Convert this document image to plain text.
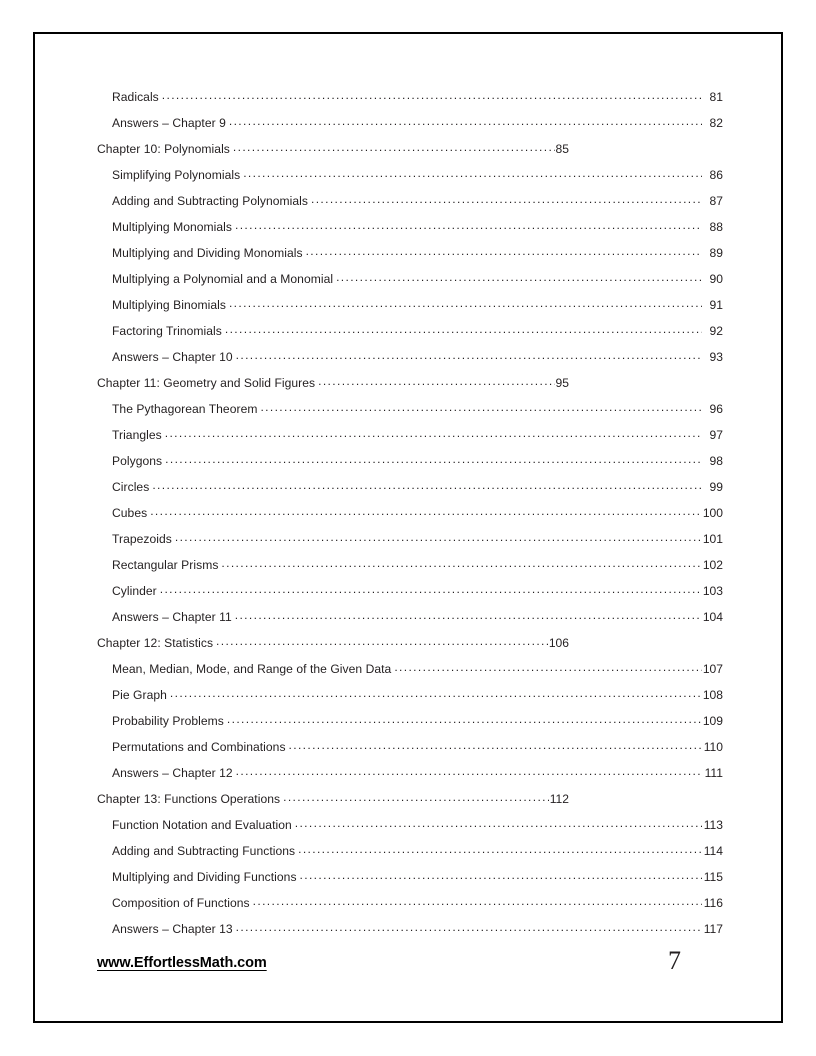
Radicals .....	81
Answers – Chapter 9 .....	82
Chapter 10: Polynomials .....	85
Simplifying Polynomials .....	86
Adding and Subtracting Polynomials .....	87
Multiplying Monomials .....	88
Multiplying and Dividing Monomials .....	89
Multiplying a Polynomial and a Monomial .....	90
Multiplying Binomials .....	91
Factoring Trinomials .....	92
Answers – Chapter 10 .....	93
Chapter 11: Geometry and Solid Figures .....	95
The Pythagorean Theorem .....	96
Triangles .....	97
Polygons .....	98
Circles .....	99
Cubes .....	100
Trapezoids .....	101
Rectangular Prisms .....	102
Cylinder .....	103
Answers – Chapter 11 .....	104
Chapter 12: Statistics .....	106
Mean, Median, Mode, and Range of the Given Data .....	107
Pie Graph .....	108
Probability Problems .....	109
Permutations and Combinations .....	110
Answers – Chapter 12 .....	111
Chapter 13: Functions Operations .....	112
Function Notation and Evaluation .....	113
Adding and Subtracting Functions .....	114
Multiplying and Dividing Functions .....	115
Composition of Functions .....	116
Answers – Chapter 13 .....	117
www.EffortlessMath.com	7
